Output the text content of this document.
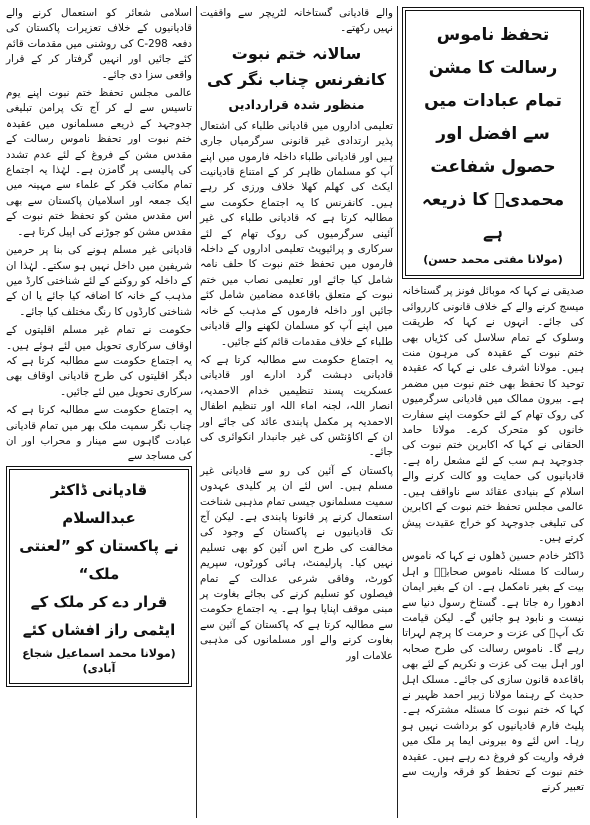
تحفظ ناموس رسالت کا مشن
تمام عبادات میں سے افضل اور
حصول شفاعت محمدیؐ کا ذریعہ ہے
(مولانا مفتی محمد حسن)

صدیقی نے کہا کہ موبائل فونز پر گستاخانہ میسج کرنے والے کے خلاف قانونی کارروائی کی جائے۔ انہوں نے کہا کہ طریقت وسلوک کے تمام سلاسل کی کڑیاں بھی ختم نبوت کے عقیدہ کی مرہون منت ہیں۔ مولانا اشرف علی نے کہا کہ عقیدہ توحید کا تحفظ بھی ختم نبوت میں مضمر ہے۔ بیرون ممالک میں قادیانی سرگرمیوں کی روک تھام کے لئے حکومت اپنے سفارت خانوں کو متحرک کرے۔ مولانا حامد الحقانی نے کہا کہ اکابرین ختم نبوت کی جدوجہد ہم سب کے لئے مشعل راہ ہے۔ قادیانیوں کی حمایت وو کالت کرنے والے اسلام کے بنیادی عقائد سے ناواقف ہیں۔ عالمی مجلس تحفظ ختم نبوت کے اکابرین کی تبلیغی جدوجہد کو خراج عقیدت پیش کرتے ہیں۔

ڈاکٹر خادم حسین ڈھلوں نے کہا کہ ناموس رسالت کا مسئلہ ناموس صحابہؓ و اہل بیت کے بغیر نامکمل ہے۔ ان کے بغیر ایمان ادھورا رہ جاتا ہے۔ گستاخ رسول دنیا سے نیست و نابود ہو جائیں گے۔ لیکن قیامت تک آپؐ کی عزت و حرمت کا پرچم لہراتا رہے گا۔ ناموس رسالت کی طرح صحابہ اور اہل بیت کی عزت و تکریم کے لئے بھی باقاعدہ قانون سازی کی جائے۔ مسلک اہل حدیث کے رہنما مولانا زبیر احمد ظہیر نے کہا کہ ختم نبوت کا مسئلہ مشترکہ ہے۔ پلیٹ فارم قادیانیوں کو برداشت نہیں ہو رہا۔ اس لئے وہ بیرونی ایما پر ملک میں فرقہ واریت کو فروغ دے رہے ہیں۔ عقیدہ ختم نبوت کے تحفظ کو فرقہ واریت سے تعبیر کرنے

والے قادیانی گستاخانہ لٹریچر سے واقفیت نہیں رکھتے۔

سالانہ ختم نبوت کانفرنس چناب نگر کی
منظور شدہ قراردادیں

تعلیمی اداروں میں قادیانی طلباء کی اشتعال پذیر ارتدادی غیر قانونی سرگرمیاں جاری ہیں اور قادیانی طلباء داخلہ فارموں میں اپنے آپ کو مسلمان ظاہر کر کے امتناع قادیانیت ایکٹ کی کھلم کھلا خلاف ورزی کر رہے ہیں۔ کانفرنس کا یہ اجتماع حکومت سے مطالبہ کرتا ہے کہ قادیانی طلباء کی غیر آئینی سرگرمیوں کی روک تھام کے لئے سرکاری و پرائیویٹ تعلیمی اداروں کے داخلہ فارموں میں تحفظ ختم نبوت کا حلف نامہ شامل کیا جائے اور تعلیمی نصاب میں ختم نبوت کے متعلق باقاعدہ مضامین شامل کئے جائیں اور داخلہ فارموں کے مذہب کے خانہ میں اپنے آپ کو مسلمان لکھنے والے قادیانی طلباء کے خلاف مقدمات قائم کئے جائیں۔

یہ اجتماع حکومت سے مطالبہ کرتا ہے کہ قادیانی دہشت گرد ادارے اور قادیانی عسکریت پسند تنظیمیں خدام الاحمدیہ، انصار اللہ، لجنہ اماء اللہ اور تنظیم اطفال الاحمدیہ پر مکمل پابندی عائد کی جائے اور ان کے اکاؤنٹس کی غیر جانبدار انکوائری کی جائے۔

پاکستان کے آئین کی رو سے قادیانی غیر مسلم ہیں۔ اس لئے ان پر کلیدی عہدوں سمیت مسلمانوں جیسی تمام مذہبی شناخت استعمال کرنے پر قانونا پابندی ہے۔ لیکن آج تک قادیانیوں نے پاکستان کے وجود کی مخالفت کی طرح اس آئین کو بھی تسلیم نہیں کیا۔ پارلیمنٹ، ہائی کورٹوں، سپریم کورٹ، وفاقی شرعی عدالت کے تمام فیصلوں کو تسلیم کرنے کی بجائے بغاوت پر مبنی موقف اپنایا ہوا ہے۔ یہ اجتماع حکومت سے مطالبہ کرتا ہے کہ پاکستان کے آئین سے بغاوت کرنے والے اور مسلمانوں کی مذہبی علامات اور

اسلامی شعائر کو استعمال کرنے والے قادیانیوں کے خلاف تعزیرات پاکستان کی دفعہ C-298 کی روشنی میں مقدمات قائم کئے جائیں اور انہیں گرفتار کر کے قرار واقعی سزا دی جائے۔

عالمی مجلس تحفظ ختم نبوت اپنے یوم تاسیس سے لے کر آج تک پرامن تبلیغی جدوجہد کے ذریعے مسلمانوں میں عقیدہ ختم نبوت اور تحفظ ناموس رسالت کے مقدس مشن کے فروغ کے لئے عدم تشدد کی پالیسی پر گامزن ہے۔ لہٰذا یہ اجتماع تمام مکاتب فکر کے علماء سے مہینہ میں ایک جمعہ اور اسلامیان پاکستان سے بھی اس مقدس مشن کو تحفظ ختم نبوت کے مقدس مشن کو جوڑنے کی اپیل کرتا ہے۔

قادیانی غیر مسلم ہونے کی بنا پر حرمین شریفین میں داخل نہیں ہو سکتے۔ لہٰذا ان کے داخلہ کو روکنے کے لئے شناختی کارڈ میں مذہب کے خانہ کا اضافہ کیا جائے یا ان کے شناختی کارڈوں کا رنگ مختلف کیا جائے۔

حکومت نے تمام غیر مسلم اقلیتوں کے اوقاف سرکاری تحویل میں لئے ہوئے ہیں۔ یہ اجتماع حکومت سے مطالبہ کرتا ہے کہ دیگر اقلیتوں کی طرح قادیانی اوقاف بھی سرکاری تحویل میں لئے جائیں۔

یہ اجتماع حکومت سے مطالبہ کرتا ہے کہ چناب نگر سمیت ملک بھر میں تمام قادیانی عبادت گاہوں سے مینار و محراب اور ان کی مساجد سے

قادیانی ڈاکٹر عبدالسلام
نے پاکستان کو ”لعنتی ملک“
قرار دے کر ملک کے
ایٹمی راز افشاں کئے
(مولانا محمد اسماعیل شجاع آبادی)
